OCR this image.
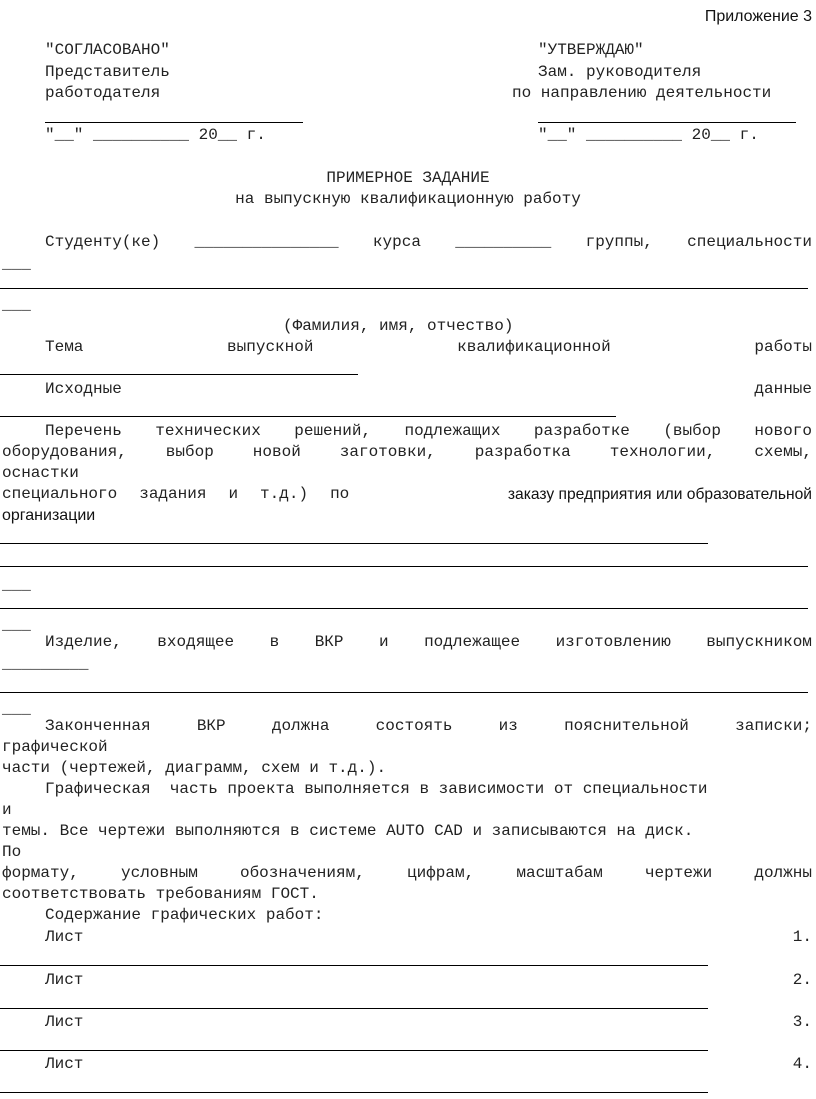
Приложение 3
"СОГЛАСОВАНО"
Представитель
работодателя
"__" __________ 20__ г.
"УТВЕРЖДАЮ"
Зам. руководителя
по направлению деятельности
"__" __________ 20__ г.
ПРИМЕРНОЕ ЗАДАНИЕ
на выпускную квалификационную работу
Студенту(ке) _______________ курса __________ группы, специальности
___
___
(Фамилия, имя, отчество)
Тема	выпускной	квалификационной	работы
Исходные	данные
Перечень технических решений, подлежащих разработке (выбор нового
оборудования, выбор новой заготовки, разработка технологии, схемы,
оснастки
специального задания и т.д.) по	заказу предприятия или образовательной
организации
___
___
Изделие, входящее в ВКР и подлежащее изготовлению выпускником
_________
___
Законченная	ВКР	должна	состоять	из	пояснительной	записки;
графической
части (чертежей, диаграмм, схем и т.д.).
Графическая  часть проекта выполняется в зависимости от специальности
и
темы. Все чертежи выполняются в системе AUTO CAD и записываются на диск.
По
формату,	условным	обозначениям,	цифрам,	масштабам	чертежи	должны
соответствовать требованиям ГОСТ.
Содержание графических работ:
Лист	1.
Лист	2.
Лист	3.
Лист	4.
